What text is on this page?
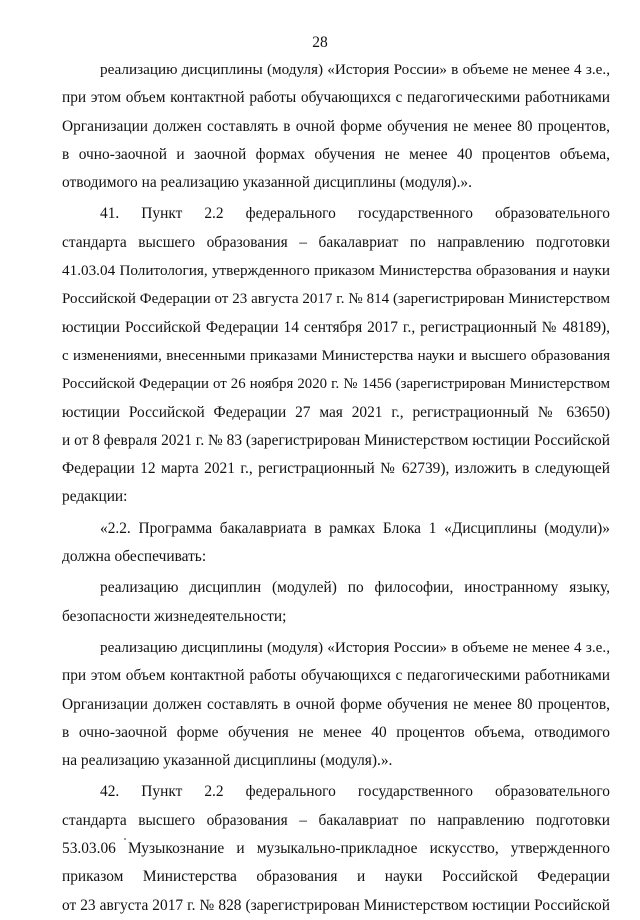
28
реализацию дисциплины (модуля) «История России» в объеме не менее 4 з.е.,
при этом объем контактной работы обучающихся с педагогическими работниками
Организации должен составлять в очной форме обучения не менее 80 процентов,
в очно-заочной и заочной формах обучения не менее 40 процентов объема,
отводимого на реализацию указанной дисциплины (модуля).».
41. Пункт 2.2 федерального государственного образовательного
стандарта высшего образования – бакалавриат по направлению подготовки
41.03.04 Политология, утвержденного приказом Министерства образования и науки
Российской Федерации от 23 августа 2017 г. № 814 (зарегистрирован Министерством
юстиции Российской Федерации 14 сентября 2017 г., регистрационный № 48189),
с изменениями, внесенными приказами Министерства науки и высшего образования
Российской Федерации от 26 ноября 2020 г. № 1456 (зарегистрирован Министерством
юстиции Российской Федерации 27 мая 2021 г., регистрационный № 63650)
и от 8 февраля 2021 г. № 83 (зарегистрирован Министерством юстиции Российской
Федерации 12 марта 2021 г., регистрационный № 62739), изложить в следующей
редакции:
«2.2. Программа бакалавриата в рамках Блока 1 «Дисциплины (модули)»
должна обеспечивать:
реализацию дисциплин (модулей) по философии, иностранному языку,
безопасности жизнедеятельности;
реализацию дисциплины (модуля) «История России» в объеме не менее 4 з.е.,
при этом объем контактной работы обучающихся с педагогическими работниками
Организации должен составлять в очной форме обучения не менее 80 процентов,
в очно-заочной форме обучения не менее 40 процентов объема, отводимого
на реализацию указанной дисциплины (модуля).».
42. Пункт 2.2 федерального государственного образовательного
стандарта высшего образования – бакалавриат по направлению подготовки
53.03.06 Музыкознание и музыкально-прикладное искусство, утвержденного
приказом Министерства образования и науки Российской Федерации
от 23 августа 2017 г. № 828 (зарегистрирован Министерством юстиции Российской
